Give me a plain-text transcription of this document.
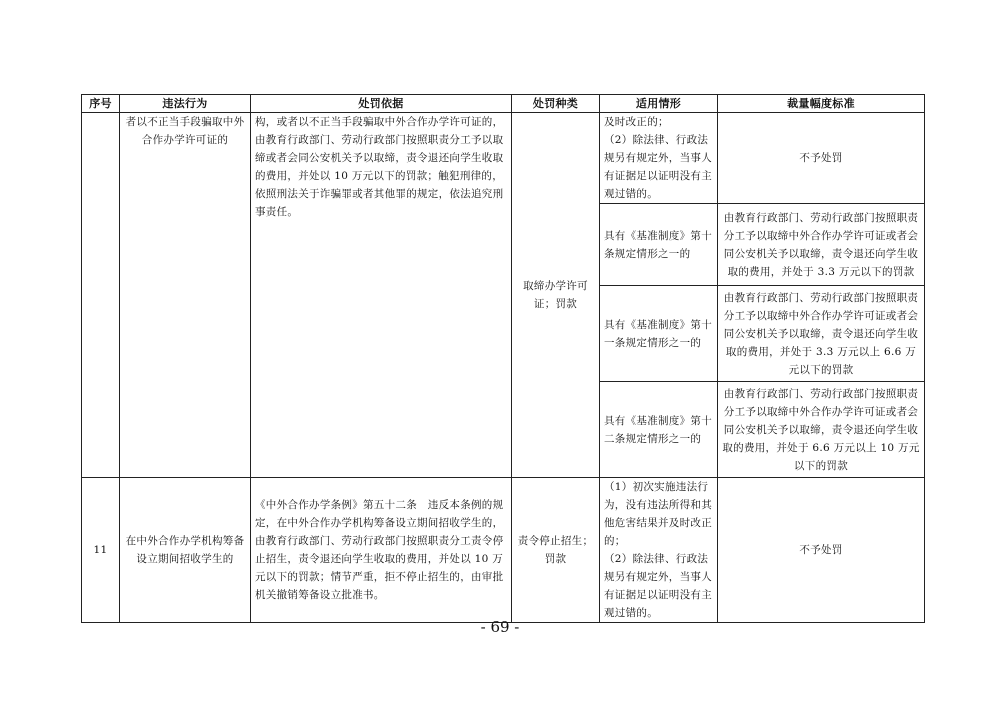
序号	违法行为	处罚依据	处罚种类	适用情形	裁量幅度标准
	者以不正当手段骗取中外合作办学许可证的	构，或者以不正当手段骗取中外合作办学许可证的，由教育行政部门、劳动行政部门按照职责分工予以取缔或者会同公安机关予以取缔，责令退还向学生收取的费用，并处以 10 万元以下的罚款；触犯刑律的，依照刑法关于诈骗罪或者其他罪的规定，依法追究刑事责任。	取缔办学许可证；罚款	及时改正的；
（2）除法律、行政法规另有规定外，当事人有证据足以证明没有主观过错的。	不予处罚
				具有《基准制度》第十条规定情形之一的	由教育行政部门、劳动行政部门按照职责分工予以取缔中外合作办学许可证或者会同公安机关予以取缔，责令退还向学生收取的费用，并处于 3.3 万元以下的罚款
				具有《基准制度》第十一条规定情形之一的	由教育行政部门、劳动行政部门按照职责分工予以取缔中外合作办学许可证或者会同公安机关予以取缔，责令退还向学生收取的费用，并处于 3.3 万元以上 6.6 万元以下的罚款
				具有《基准制度》第十二条规定情形之一的	由教育行政部门、劳动行政部门按照职责分工予以取缔中外合作办学许可证或者会同公安机关予以取缔，责令退还向学生收取的费用，并处于 6.6 万元以上 10 万元以下的罚款
11	在中外合作办学机构筹备设立期间招收学生的	《中外合作办学条例》第五十二条　违反本条例的规定，在中外合作办学机构筹备设立期间招收学生的，由教育行政部门、劳动行政部门按照职责分工责令停止招生，责令退还向学生收取的费用，并处以 10 万元以下的罚款；情节严重，拒不停止招生的，由审批机关撤销筹备设立批准书。	责令停止招生；罚款	（1）初次实施违法行为，没有违法所得和其他危害结果并及时改正的；
（2）除法律、行政法规另有规定外，当事人有证据足以证明没有主观过错的。	不予处罚
- 69 -
